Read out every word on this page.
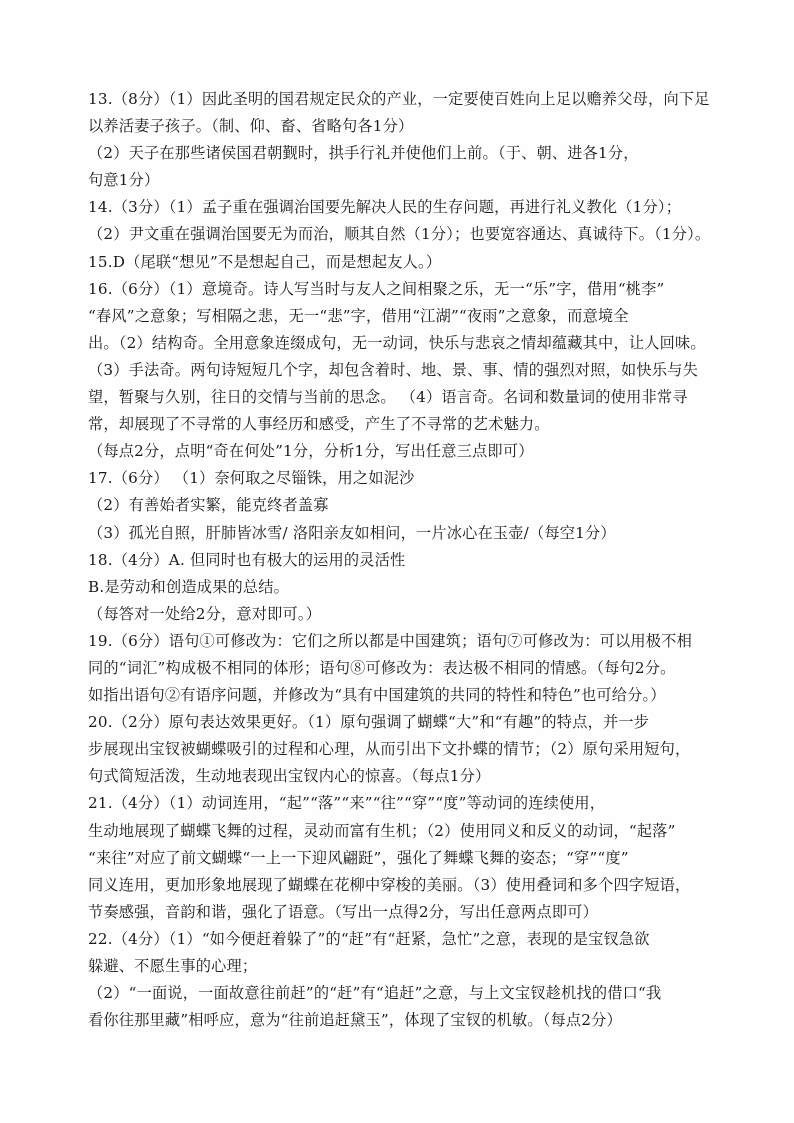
13.（8分）（1）因此圣明的国君规定民众的产业，一定要使百姓向上足以赡养父母，向下足
以养活妻子孩子。（制、仰、畜、省略句各1分）
（2）天子在那些诸侯国君朝觐时，拱手行礼并使他们上前。（于、朝、进各1分，
句意1分）
14.（3分）（1）孟子重在强调治国要先解决人民的生存问题，再进行礼义教化（1分）；
（2）尹文重在强调治国要无为而治，顺其自然（1分）；也要宽容通达、真诚待下。（1分）。
15.D（尾联“想见”不是想起自己，而是想起友人。）
16.（6分）（1）意境奇。诗人写当时与友人之间相聚之乐，无一“乐”字，借用“桃李”
“春风”之意象；写相隔之悲，无一“悲”字，借用“江湖”“夜雨”之意象，而意境全
出。（2）结构奇。全用意象连缀成句，无一动词，快乐与悲哀之情却蕴藏其中，让人回味。
（3）手法奇。两句诗短短几个字，却包含着时、地、景、事、情的强烈对照，如快乐与失
望，暂聚与久别，往日的交情与当前的思念。 （4）语言奇。名词和数量词的使用非常寻
常，却展现了不寻常的人事经历和感受，产生了不寻常的艺术魅力。
（每点2分，点明“奇在何处”1分，分析1分，写出任意三点即可）
17.（6分） （1）奈何取之尽锱铢，用之如泥沙
（2）有善始者实繁，能克终者盖寡
（3）孤光自照，肝肺皆冰雪/ 洛阳亲友如相问，一片冰心在玉壶/（每空1分）
18.（4分）A. 但同时也有极大的运用的灵活性
B.是劳动和创造成果的总结。
（每答对一处给2分，意对即可。）
19.（6分）语句①可修改为：它们之所以都是中国建筑；语句⑦可修改为：可以用极不相
同的“词汇”构成极不相同的体形；语句⑧可修改为：表达极不相同的情感。（每句2分。
如指出语句②有语序问题，并修改为“具有中国建筑的共同的特性和特色”也可给分。）
20.（2分）原句表达效果更好。（1）原句强调了蝴蝶“大”和“有趣”的特点，并一步
步展现出宝钗被蝴蝶吸引的过程和心理，从而引出下文扑蝶的情节；（2）原句采用短句，
句式简短活泼，生动地表现出宝钗内心的惊喜。（每点1分）
21.（4分）（1）动词连用，“起”“落”“来”“往”“穿”“度”等动词的连续使用，
生动地展现了蝴蝶飞舞的过程，灵动而富有生机；（2）使用同义和反义的动词，“起落”
“来往”对应了前文蝴蝶“一上一下迎风翩跹”，强化了舞蝶飞舞的姿态；“穿”“度”
同义连用，更加形象地展现了蝴蝶在花柳中穿梭的美丽。（3）使用叠词和多个四字短语，
节奏感强，音韵和谐，强化了语意。（写出一点得2分，写出任意两点即可）
22.（4分）（1）“如今便赶着躲了”的“赶”有“赶紧，急忙”之意，表现的是宝钗急欲
躲避、不愿生事的心理；
（2）“一面说，一面故意往前赶”的“赶”有“追赶”之意，与上文宝钗趁机找的借口“我
看你往那里藏”相呼应，意为“往前追赶黛玉”，体现了宝钗的机敏。（每点2分）
